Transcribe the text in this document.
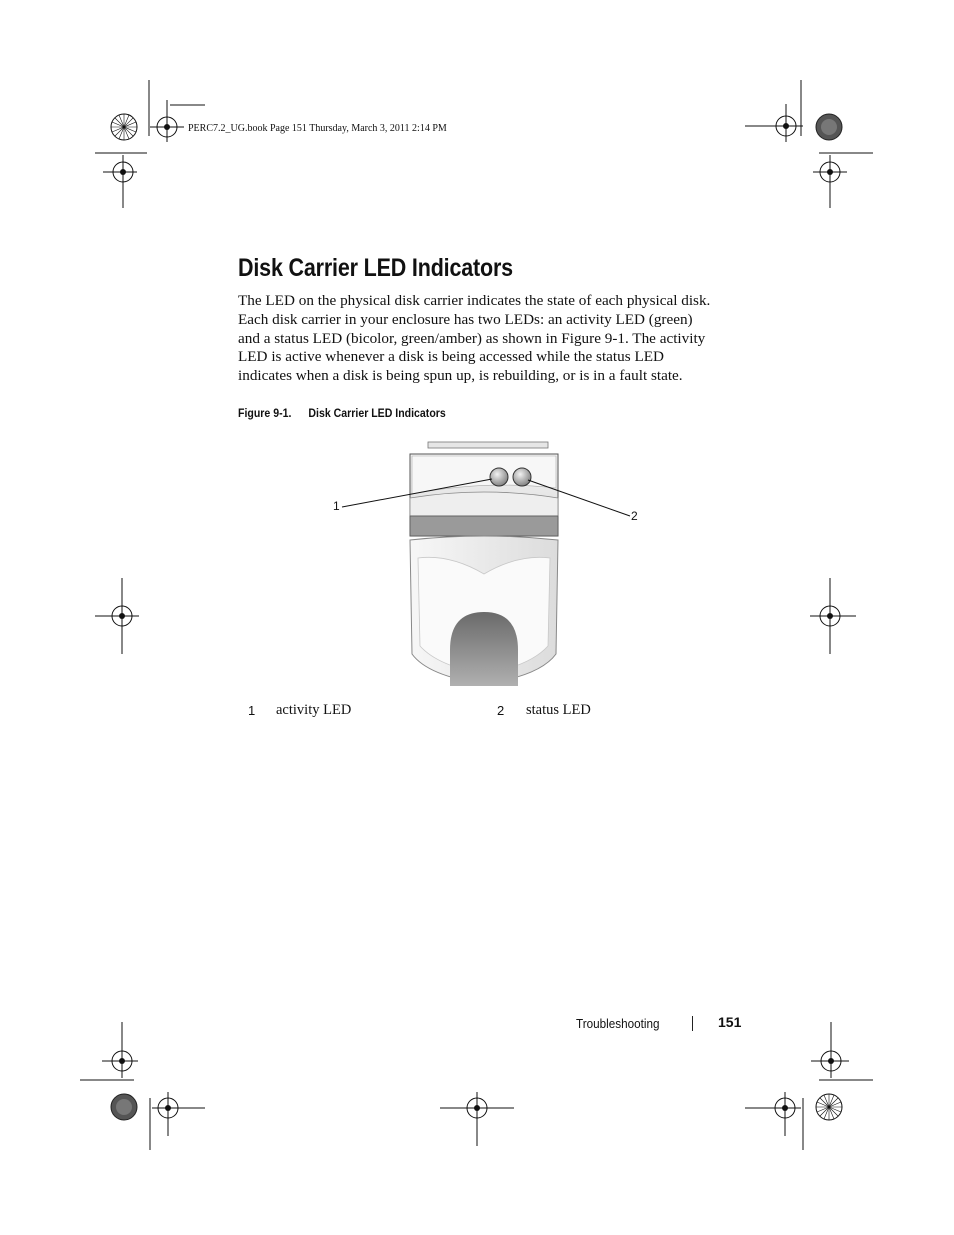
PERC7.2_UG.book Page 151 Thursday, March 3, 2011 2:14 PM
Disk Carrier LED Indicators

The LED on the physical disk carrier indicates the state of each physical disk.
Each disk carrier in your enclosure has two LEDs: an activity LED (green)
and a status LED (bicolor, green/amber) as shown in Figure 9-1. The activity
LED is active whenever a disk is being accessed while the status LED
indicates when a disk is being spun up, is rebuilding, or is in a fault state.

Figure 9-1. Disk Carrier LED Indicators
1
2
1 activity LED	2 status LED
Troubleshooting	151
